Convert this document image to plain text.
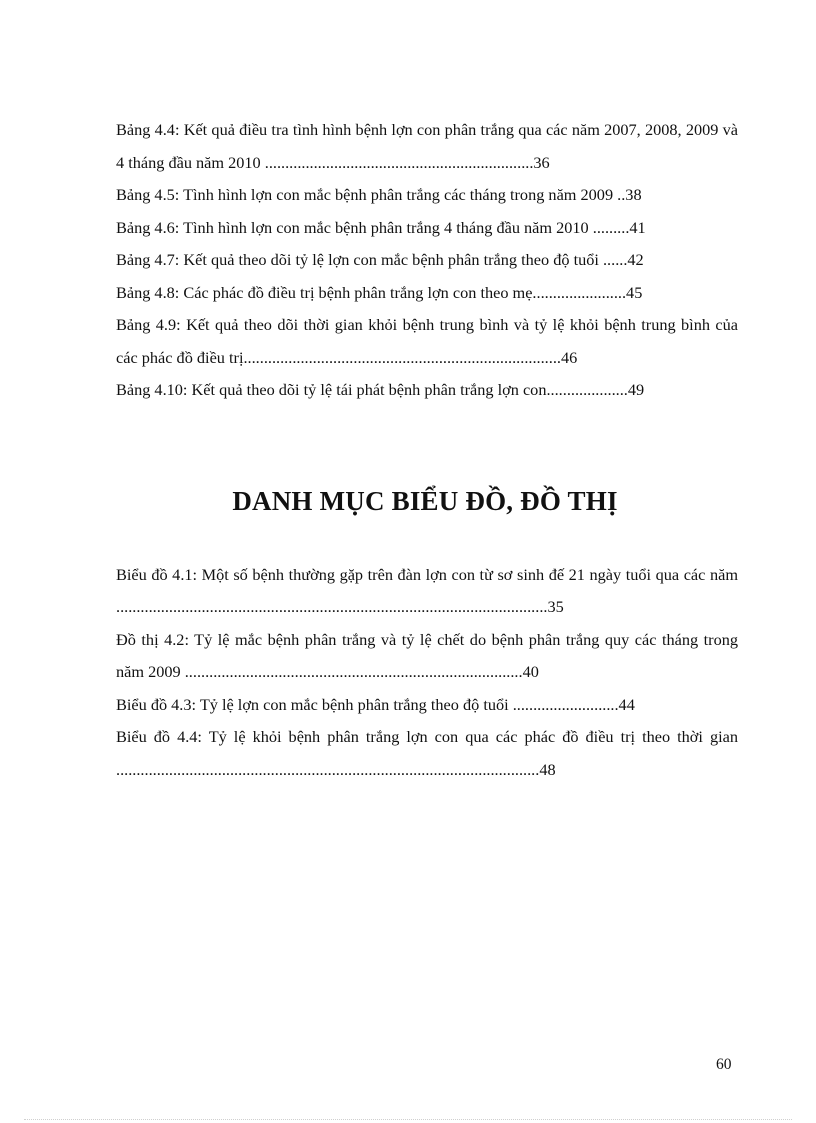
Bảng 4.4: Kết quả điều tra tình hình bệnh lợn con phân trắng qua các năm 2007, 2008, 2009 và 4 tháng đầu năm 2010 ..................................................................36
Bảng 4.5: Tình hình lợn con mắc bệnh phân trắng các tháng trong năm 2009 ..38
Bảng 4.6: Tình hình lợn con mắc bệnh phân trắng 4 tháng đầu năm 2010 .........41
Bảng 4.7: Kết quả theo dõi tỷ lệ lợn con mắc bệnh phân trắng theo độ tuổi ......42
Bảng 4.8: Các phác đồ điều trị bệnh phân trắng lợn con theo mẹ.......................45
Bảng 4.9: Kết quả theo dõi thời gian khỏi bệnh trung bình và tỷ lệ khỏi bệnh trung bình của các phác đồ điều trị..............................................................................46
Bảng 4.10: Kết quả theo dõi tỷ lệ tái phát bệnh phân trắng lợn con....................49
DANH MỤC BIỂU ĐỒ, ĐỒ THỊ
Biểu đồ 4.1: Một số bệnh thường gặp trên đàn lợn con từ sơ sinh đế 21 ngày tuổi qua các năm ..........................................................................................................35
Đồ thị 4.2: Tỷ lệ mắc bệnh phân trắng và tỷ lệ chết do bệnh phân trắng quy các tháng trong năm 2009 ...................................................................................40
Biểu đồ 4.3: Tỷ lệ lợn con mắc bệnh phân trắng theo độ tuổi ..........................44
Biểu đồ 4.4: Tỷ lệ khỏi bệnh phân trắng lợn con qua các phác đồ điều trị theo thời gian ........................................................................................................48
60
